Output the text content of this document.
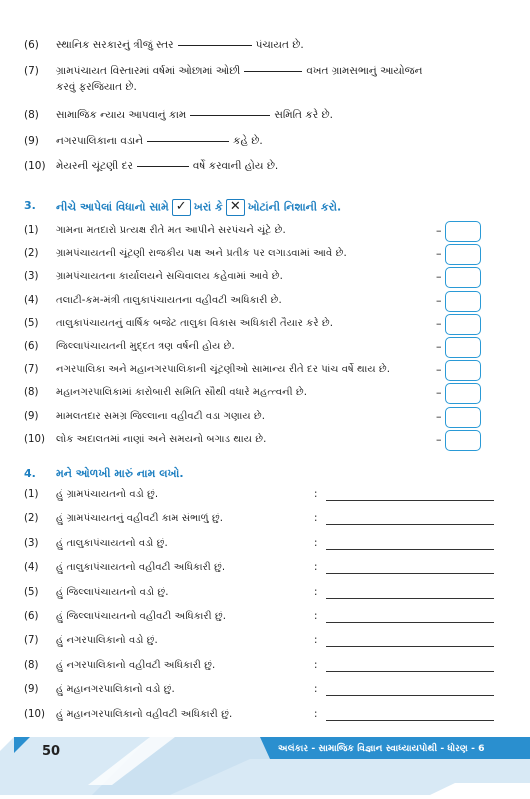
(6) સ્થાનિક સરકારનું ત્રીજું સ્તર	પંચાયત છે.
(7) ગ્રામપંચાયત વિસ્તારમાં વર્ષમાં ઓછામાં ઓછી	વખત ગ્રામસભાનું આયોજન
કરવું ફરજિયાત છે.
(8) સામાજિક ન્યાય આપવાનું કામ	સમિતિ કરે છે.
(9) નગરપાલિકાના વડાને	કહે છે.
(10) મેયરની ચૂંટણી દર	વર્ષે કરવાની હોય છે.
3. નીચે આપેલાં વિધાનો સામે ✓ ખરાં કે ✕ ખોટાંની નિશાની કરો.
(1) ગામના મતદારો પ્રત્યક્ષ રીતે મત આપીને સરપંચને ચૂંટે છે.	–
(2) ગ્રામપંચાયતની ચૂંટણી રાજકીય પક્ષ અને પ્રતીક પર લગાડવામાં આવે છે.	–
(3) ગ્રામપંચાયતના કાર્યાલયને સચિવાલય કહેવામાં આવે છે.	–
(4) તલાટી-કમ-મંત્રી તાલુકાપંચાયતના વહીવટી અધિકારી છે.	–
(5) તાલુકાપંચાયતનું વાર્ષિક બજેટ તાલુકા વિકાસ અધિકારી તૈયાર કરે છે.	–
(6) જિલ્લાપંચાયતની મુદ્દત ત્રણ વર્ષની હોય છે.	–
(7) નગરપાલિકા અને મહાનગરપાલિકાની ચૂંટણીઓ સામાન્ય રીતે દર પાંચ વર્ષે થાય છે.	–
(8) મહાનગરપાલિકામાં કારોબારી સમિતિ સૌથી વધારે મહત્ત્વની છે.	–
(9) મામલતદાર સમગ્ર જિલ્લાના વહીવટી વડા ગણાય છે.	–
(10) લોક અદાલતમાં નાણાં અને સમયનો બગાડ થાય છે.	–
4. મને ઓળખી મારું નામ લખો.
(1) હું ગ્રામપંચાયતનો વડો છું.	:
(2) હું ગ્રામપંચાયતનું વહીવટી કામ સંભાળું છું.	:
(3) હું તાલુકાપંચાયતનો વડો છું.	:
(4) હું તાલુકાપંચાયતનો વહીવટી અધિકારી છું.	:
(5) હું જિલ્લાપંચાયતનો વડો છું.	:
(6) હું જિલ્લાપંચાયતનો વહીવટી અધિકારી છું.	:
(7) હું નગરપાલિકાનો વડો છું.	:
(8) હું નગરપાલિકાનો વહીવટી અધિકારી છું.	:
(9) હું મહાનગરપાલિકાનો વડો છું.	:
(10) હું મહાનગરપાલિકાનો વહીવટી અધિકારી છું.	:
50	અલંકાર - સામાજિક વિજ્ઞાન સ્વાધ્યાયપોથી - ધોરણ - 6
